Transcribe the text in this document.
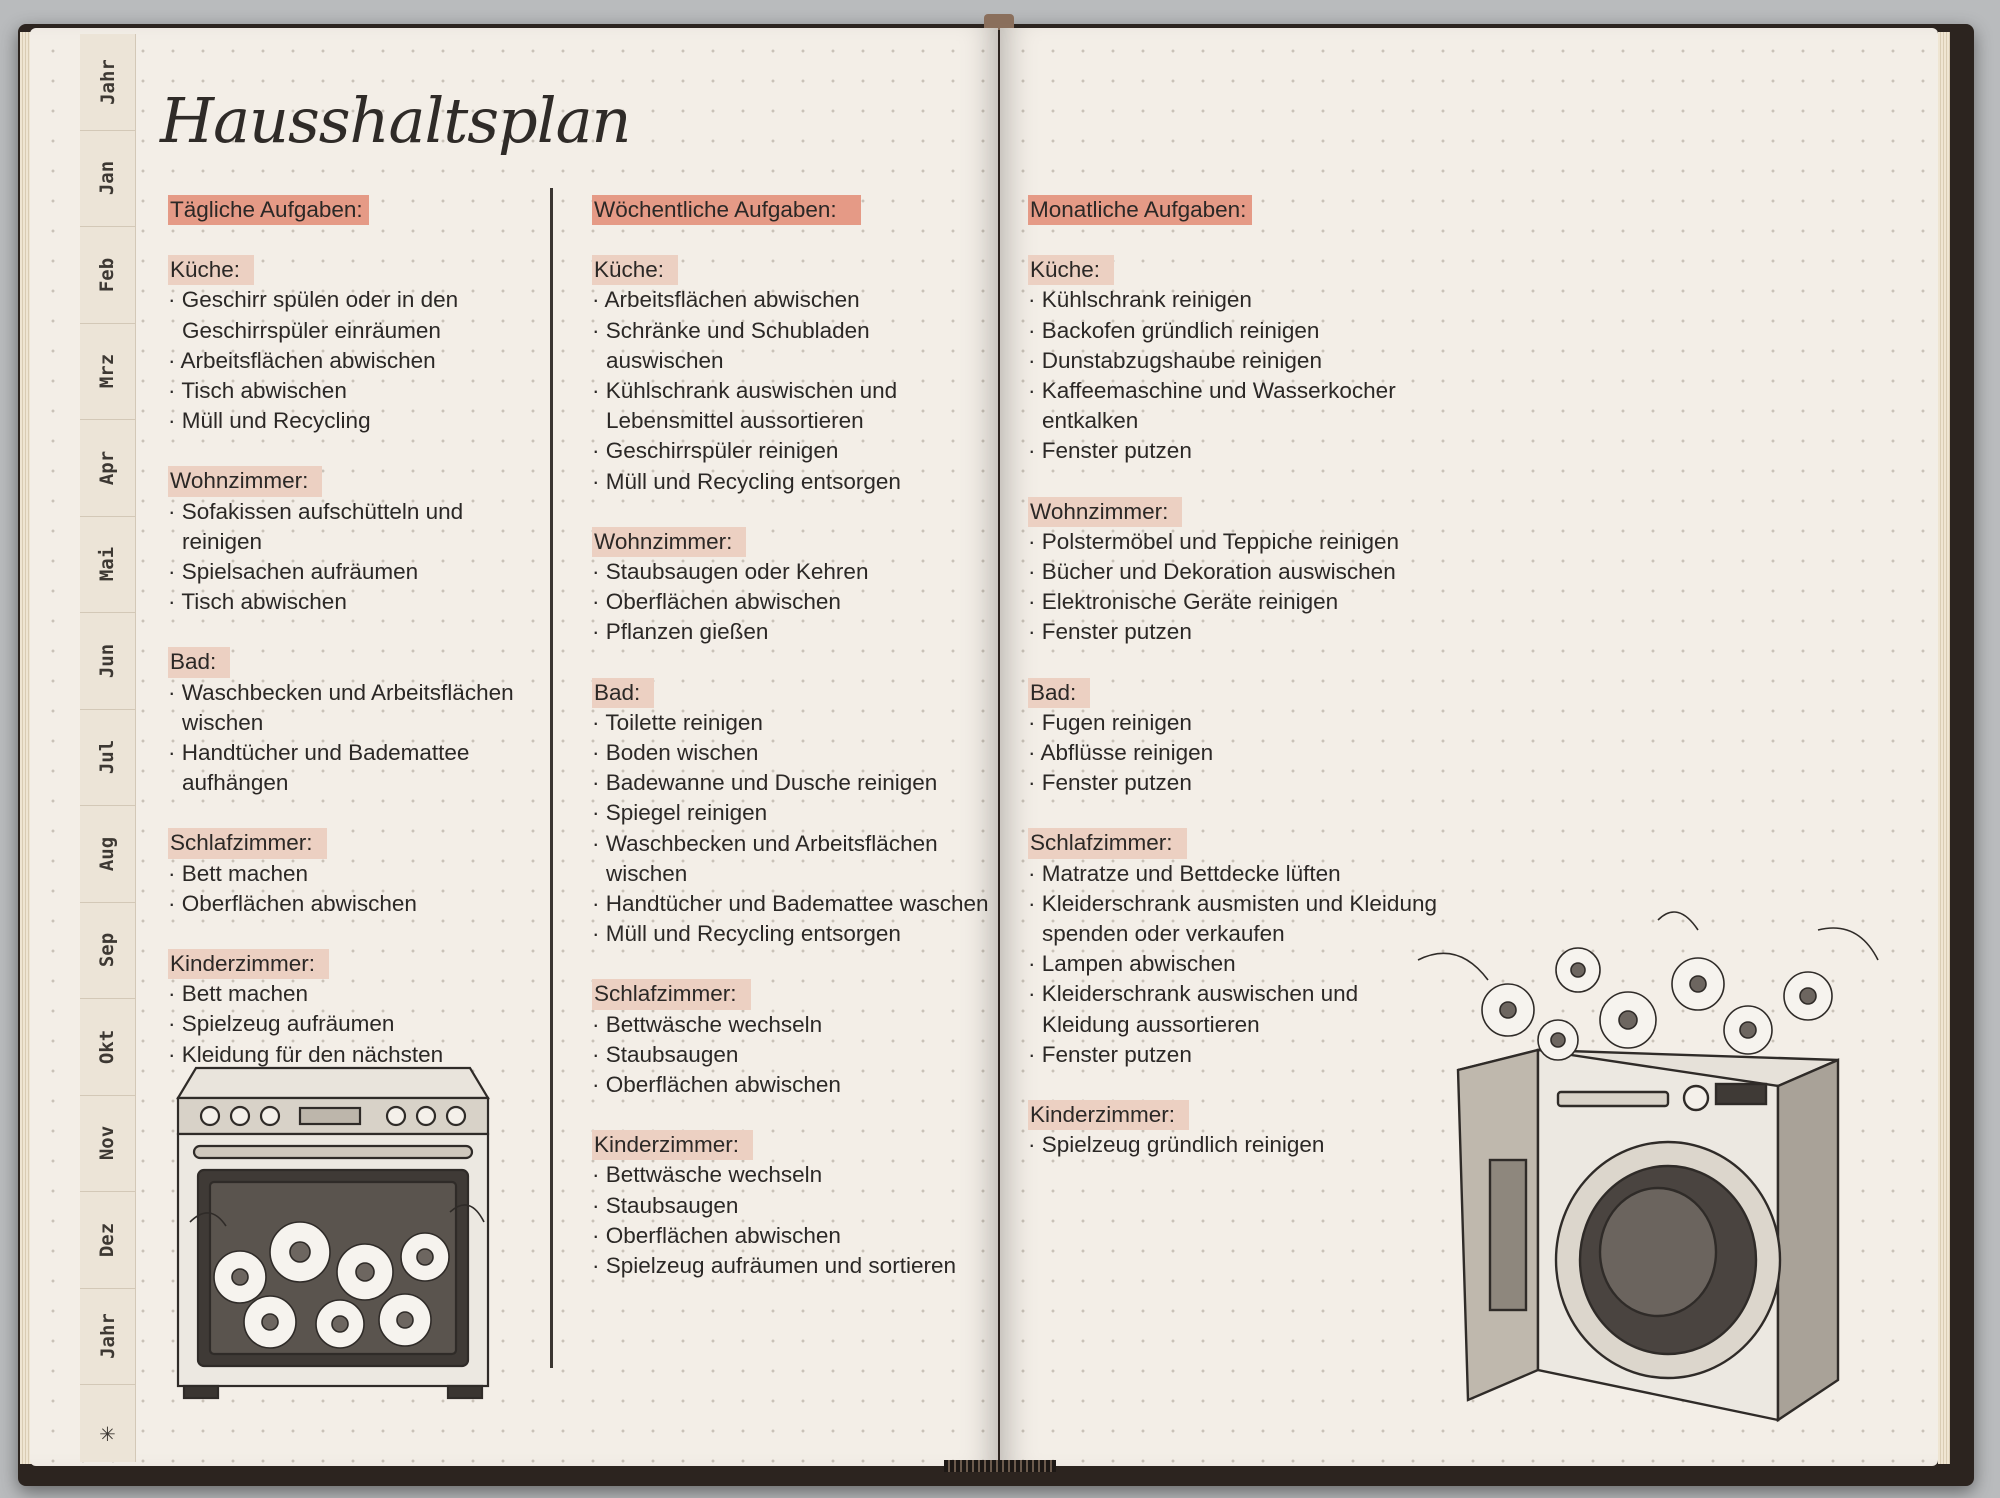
Jahr
Jan
Feb
Mrz
Apr
Mai
Jun
Jul
Aug
Sep
Okt
Nov
Dez
Jahr
✳
Hausshaltsplan
Tägliche Aufgaben:
Küche:
· Geschirr spülen oder in den Geschirrspüler einräumen
· Arbeitsflächen abwischen
· Tisch abwischen
· Müll und Recycling
Wohnzimmer:
· Sofakissen aufschütteln und reinigen
· Spielsachen aufräumen
· Tisch abwischen
Bad:
· Waschbecken und Arbeitsflächen wischen
· Handtücher und Bademattee aufhängen
Schlafzimmer:
· Bett machen
· Oberflächen abwischen
Kinderzimmer:
· Bett machen
· Spielzeug aufräumen
· Kleidung für den nächsten
Wöchentliche Aufgaben:
Küche:
· Arbeitsflächen abwischen
· Schränke und Schubladen auswischen
· Kühlschrank auswischen und Lebensmittel aussortieren
· Geschirrspüler reinigen
· Müll und Recycling entsorgen
Wohnzimmer:
· Staubsaugen oder Kehren
· Oberflächen abwischen
· Pflanzen gießen
Bad:
· Toilette reinigen
· Boden wischen
· Badewanne und Dusche reinigen
· Spiegel reinigen
· Waschbecken und Arbeitsflächen wischen
· Handtücher und Bademattee waschen
· Müll und Recycling entsorgen
Schlafzimmer:
· Bettwäsche wechseln
· Staubsaugen
· Oberflächen abwischen
Kinderzimmer:
· Bettwäsche wechseln
· Staubsaugen
· Oberflächen abwischen
· Spielzeug aufräumen und sortieren
Monatliche Aufgaben:
Küche:
· Kühlschrank reinigen
· Backofen gründlich reinigen
· Dunstabzugshaube reinigen
· Kaffeemaschine und Wasserkocher entkalken
· Fenster putzen
Wohnzimmer:
· Polstermöbel und Teppiche reinigen
· Bücher und Dekoration auswischen
· Elektronische Geräte reinigen
· Fenster putzen
Bad:
· Fugen reinigen
· Abflüsse reinigen
· Fenster putzen
Schlafzimmer:
· Matratze und Bettdecke lüften
· Kleiderschrank ausmisten und Kleidung spenden oder verkaufen
· Lampen abwischen
· Kleiderschrank auswischen und Kleidung aussortieren
· Fenster putzen
Kinderzimmer:
· Spielzeug gründlich reinigen
